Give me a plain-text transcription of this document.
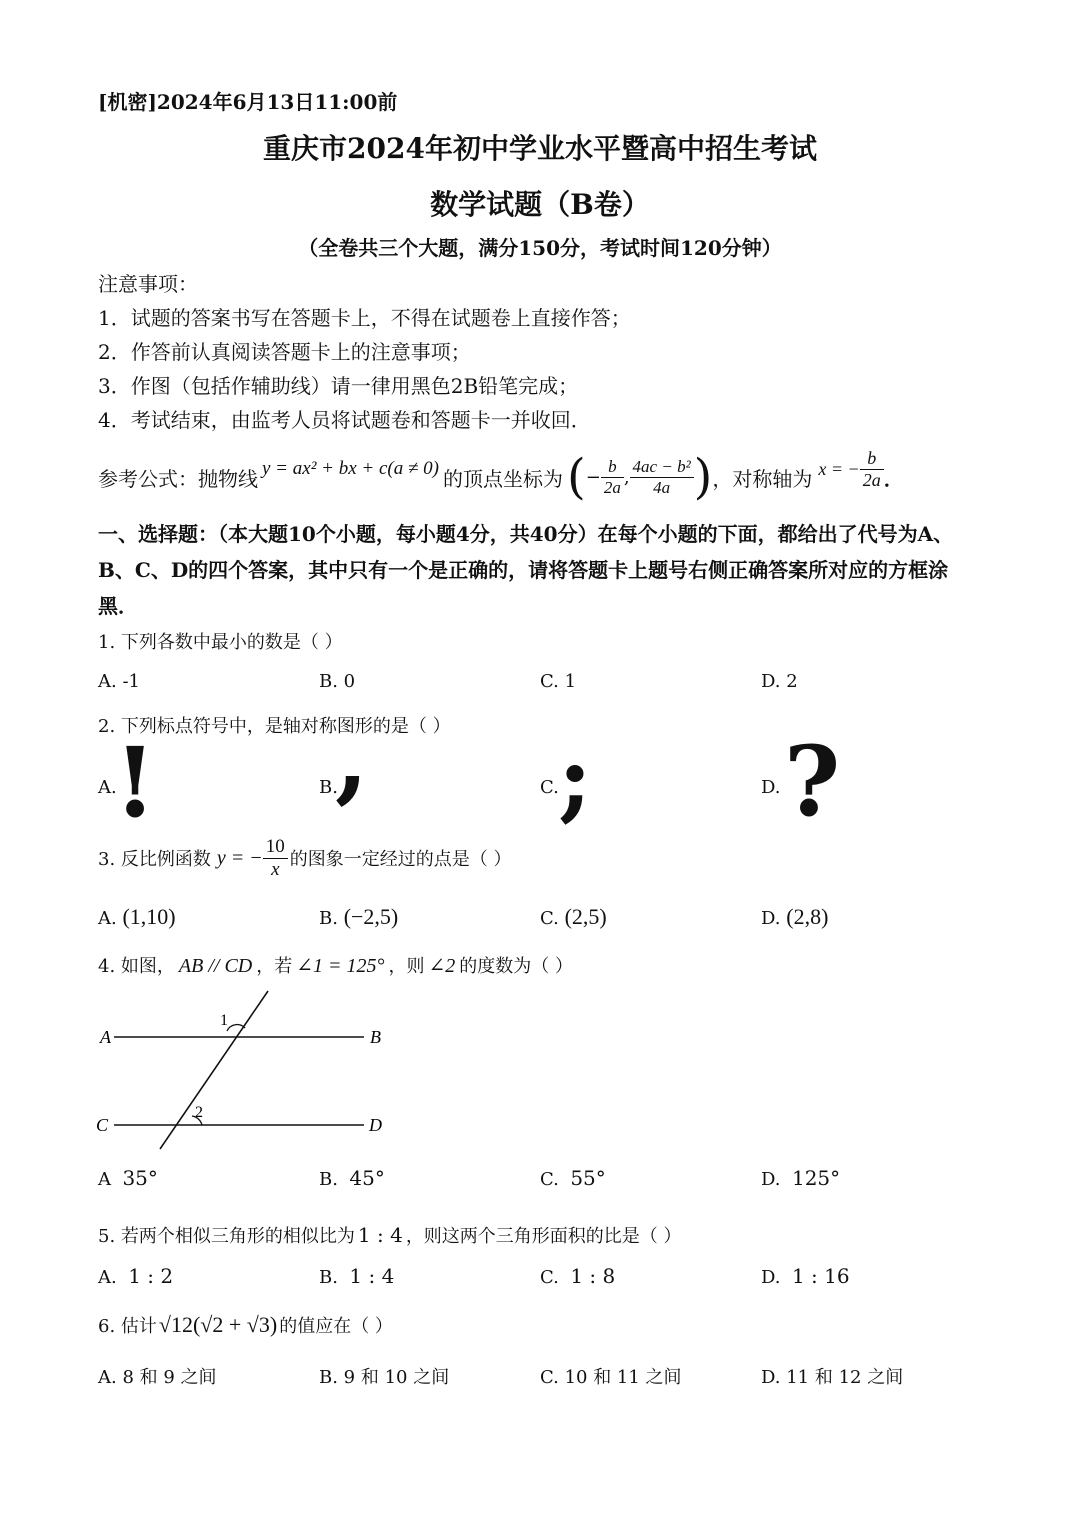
[机密]2024年6月13日11:00前
重庆市2024年初中学业水平暨高中招生考试
数学试题（B卷）
（全卷共三个大题，满分150分，考试时间120分钟）
注意事项：
1．试题的答案书写在答题卡上，不得在试题卷上直接作答；
2．作答前认真阅读答题卡上的注意事项；
3．作图（包括作辅助线）请一律用黑色2B铅笔完成；
4．考试结束，由监考人员将试题卷和答题卡一并收回．
参考公式：抛物线 y = ax² + bx + c(a ≠ 0) 的顶点坐标为 ( − $\frac{b}{2a}$ , $\frac{\text{4ac − b²}}{4a}$ ) ，对称轴为 x = − $\frac{b}{2a}$ ．
一、选择题：（本大题10个小题，每小题4分，共40分）在每个小题的下面，都给出了代号为A、B、C、D的四个答案，其中只有一个是正确的，请将答题卡上题号右侧正确答案所对应的方框涂黑．
1. 下列各数中最小的数是（ ）
A. -1	B. 0	C. 1	D. 2
2. 下列标点符号中，是轴对称图形的是（ ）
A.
!	B.
,	C. ;	D. ?
3. 反比例函数 y = − $\frac{10}{x}$ 的图象一定经过的点是（ ）
A. (1,10)	B. (−2,5)	C. (2,5)	D. (2,8)
4. 如图， AB // CD ，若 ∠1 = 125° ，则 ∠2 的度数为（ ）
A	B
C	D
1
2
A 35°	B. 45°	C. 55°	D. 125°
5. 若两个相似三角形的相似比为 1 : 4 ，则这两个三角形面积的比是（ ）
A. 1 : 2	B. 1 : 4	C. 1 : 8	D. 1 : 16
6. 估计√12(√2 + √3) 的值应在（ ）
A. 8 和 9 之间	B. 9 和 10 之间	C. 10 和 11 之间	D. 11 和 12 之间
